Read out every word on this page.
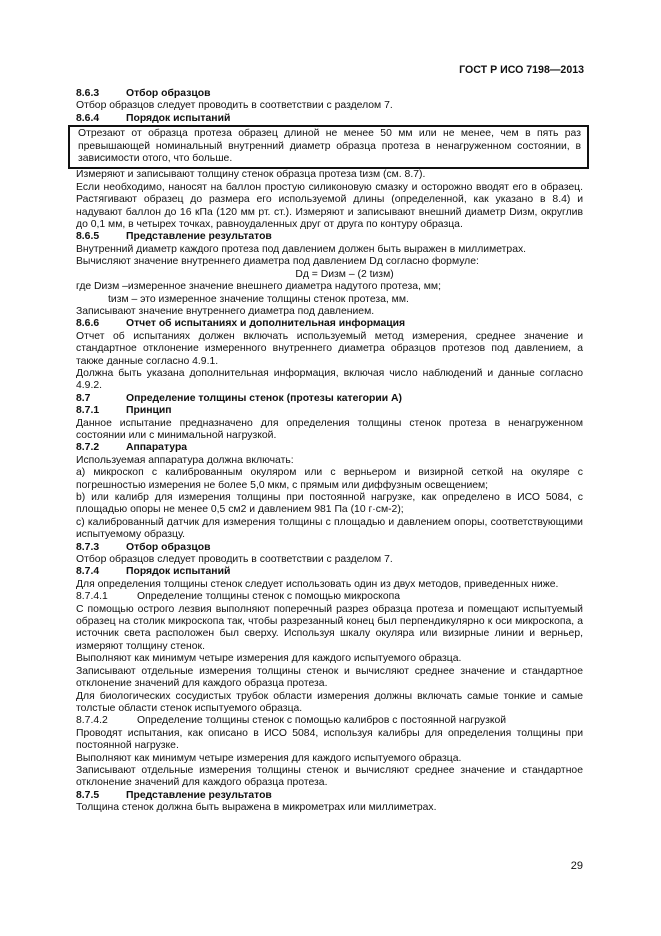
ГОСТ Р ИСО 7198—2013

8.6.3	Отбор образцов

Отбор образцов следует проводить в соответствии с разделом 7.

8.6.4	Порядок испытаний

Отрезают от образца протеза образец длиной не менее 50 мм или не менее, чем в пять раз превышающей номинальный внутренний диаметр образца протеза в ненагруженном состоянии, в зависимости отого, что больше.

Измеряют и записывают толщину стенок образца протеза tизм (см. 8.7).

Если необходимо, наносят на баллон простую силиконовую смазку и осторожно вводят его в образец. Растягивают образец до размера его используемой длины (определенной, как указано в 8.4) и надувают баллон до 16 кПа (120 мм рт. ст.). Измеряют и записывают внешний диаметр Dизм, округлив до 0,1 мм, в четырех точках, равноудаленных друг от друга по контуру образца.

8.6.5	Представление результатов

Внутренний диаметр каждого протеза под давлением должен быть выражен в миллиметрах.

Вычисляют значение внутреннего диаметра под давлением Dд согласно формуле:

Dд = Dизм – (2 tизм)

где Dизм –измеренное значение внешнего диаметра надутого протеза, мм;

tизм – это измеренное значение толщины стенок протеза, мм.

Записывают значение внутреннего диаметра под давлением.

8.6.6	Отчет об испытаниях и дополнительная информация

Отчет об испытаниях должен включать используемый метод измерения, среднее значение и стандартное отклонение измеренного внутреннего диаметра образцов протезов под давлением, а также данные согласно 4.9.1.

Должна быть указана дополнительная информация, включая число наблюдений и данные согласно 4.9.2.

8.7	Определение толщины стенок (протезы категории A)

8.7.1	Принцип

Данное испытание предназначено для определения толщины стенок протеза в ненагруженном состоянии или с минимальной нагрузкой.

8.7.2	Аппаратура

Используемая аппаратура должна включать:

а) микроскоп с калиброванным окуляром или с верньером и визирной сеткой на окуляре с погрешностью измерения не более 5,0 мкм, с прямым или диффузным освещением;

b) или калибр для измерения толщины при постоянной нагрузке, как определено в ИСО 5084, с площадью опоры не менее 0,5 см2 и давлением 981 Па (10 г·см-2);

с) калиброванный датчик для измерения толщины с площадью и давлением опоры, соответствующими испытуемому образцу.

8.7.3	Отбор образцов

Отбор образцов следует проводить в соответствии с разделом 7.

8.7.4	Порядок испытаний

Для определения толщины стенок следует использовать один из двух методов, приведенных ниже.

8.7.4.1	Определение толщины стенок с помощью микроскопа

С помощью острого лезвия выполняют поперечный разрез образца протеза и помещают испытуемый образец на столик микроскопа так, чтобы разрезанный конец был перпендикулярно к оси микроскопа, а источник света расположен был сверху. Используя шкалу окуляра или визирные линии и верньер, измеряют толщину стенок.

Выполняют как минимум четыре измерения для каждого испытуемого образца.

Записывают отдельные измерения толщины стенок и вычисляют среднее значение и стандартное отклонение значений для каждого образца протеза.

Для биологических сосудистых трубок области измерения должны включать самые тонкие и самые толстые области стенок испытуемого образца.

8.7.4.2	Определение толщины стенок с помощью калибров с постоянной нагрузкой

Проводят испытания, как описано в ИСО 5084, используя калибры для определения толщины при постоянной нагрузке.

Выполняют как минимум четыре измерения для каждого испытуемого образца.

Записывают отдельные измерения толщины стенок и вычисляют среднее значение и стандартное отклонение значений для каждого образца протеза.

8.7.5	Представление результатов

Толщина стенок должна быть выражена в микрометрах или миллиметрах.

29
